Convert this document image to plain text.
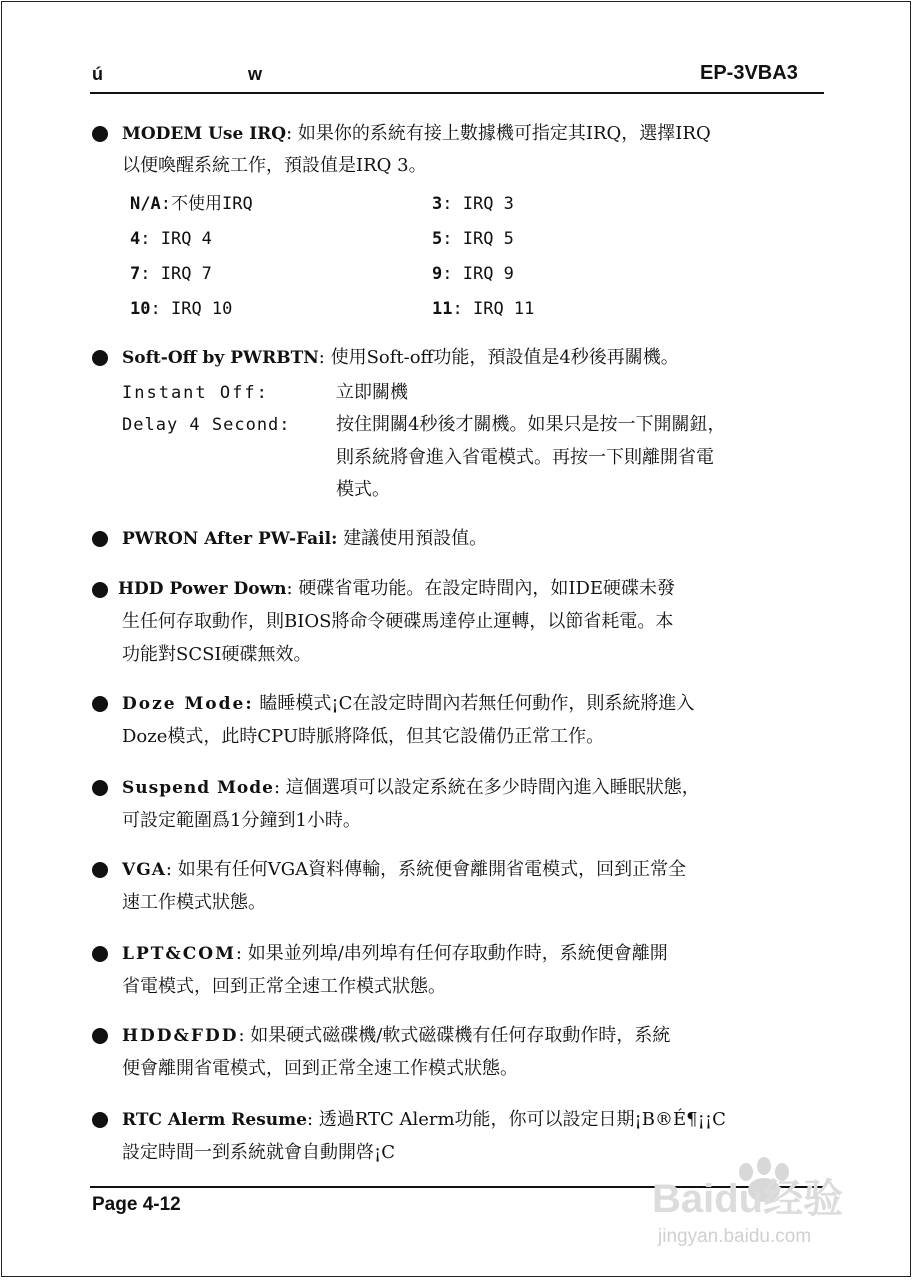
ú	w	EP-3VBA3
MODEM Use IRQ: 如果你的系統有接上數據機可指定其IRQ，選擇IRQ
以便喚醒系統工作，預設值是IRQ 3。
N/A:不使用IRQ	3: IRQ 3
4: IRQ 4	5: IRQ 5
7: IRQ 7	9: IRQ 9
10: IRQ 10	11: IRQ 11
Soft-Off by PWRBTN: 使用Soft-off功能，預設值是4秒後再關機。
Instant Off:	立即關機
Delay 4 Second:	按住開關4秒後才關機。如果只是按一下開關鈕，
則系統將會進入省電模式。再按一下則離開省電
模式。
PWRON After PW-Fail: 建議使用預設值。
HDD Power Down: 硬碟省電功能。在設定時間內，如IDE硬碟未發
生任何存取動作，則BIOS將命令硬碟馬達停止運轉，以節省耗電。本
功能對SCSI硬碟無效。
Doze Mode: 瞌睡模式¡C在設定時間內若無任何動作，則系統將進入
Doze模式，此時CPU時脈將降低，但其它設備仍正常工作。
Suspend Mode: 這個選項可以設定系統在多少時間內進入睡眠狀態，
可設定範圍爲1分鐘到1小時。
VGA: 如果有任何VGA資料傳輸，系統便會離開省電模式，回到正常全
速工作模式狀態。
LPT&COM: 如果並列埠/串列埠有任何存取動作時，系統便會離開
省電模式，回到正常全速工作模式狀態。
HDD&FDD: 如果硬式磁碟機/軟式磁碟機有任何存取動作時，系統
便會離開省電模式，回到正常全速工作模式狀態。
RTC Alerm Resume: 透過RTC Alerm功能，你可以設定日期¡B®É¶¡¡C
設定時間一到系統就會自動開啓¡C
Page 4-12	Baidu经验
jingyan.baidu.com
